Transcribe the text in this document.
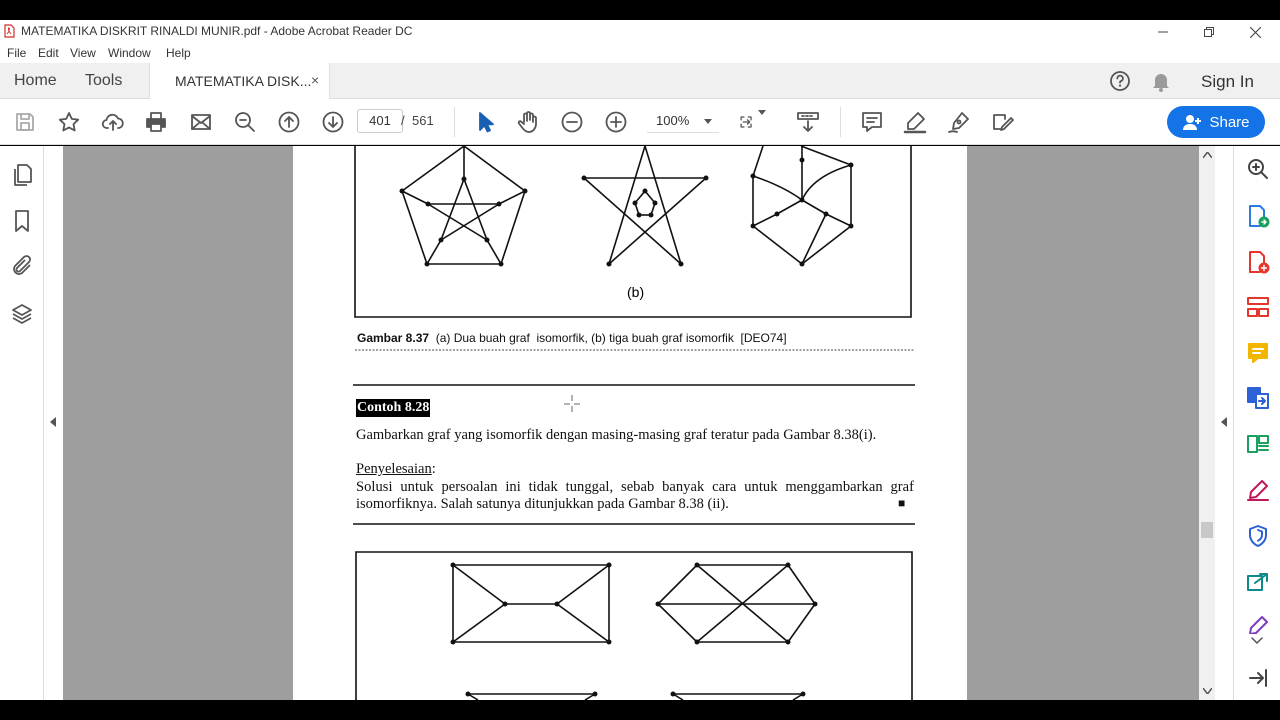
MATEMATIKA DISKRIT RINALDI MUNIR.pdf - Adobe Acrobat Reader DC
File Edit View Window Help
Home Tools	MATEMATIKA DISK... ×	Sign In
401 / 561	100%	Share
(b)
Gambar 8.37 (a) Dua buah graf  isomorfik, (b) tiga buah graf isomorfik  [DEO74]
Contoh 8.28
Gambarkan graf yang isomorfik dengan masing-masing graf teratur pada Gambar 8.38(i).
Penyelesaian:
Solusi untuk persoalan ini tidak tunggal, sebab banyak cara untuk menggambarkan graf
isomorfiknya. Salah satunya ditunjukkan pada Gambar 8.38 (ii).	■
